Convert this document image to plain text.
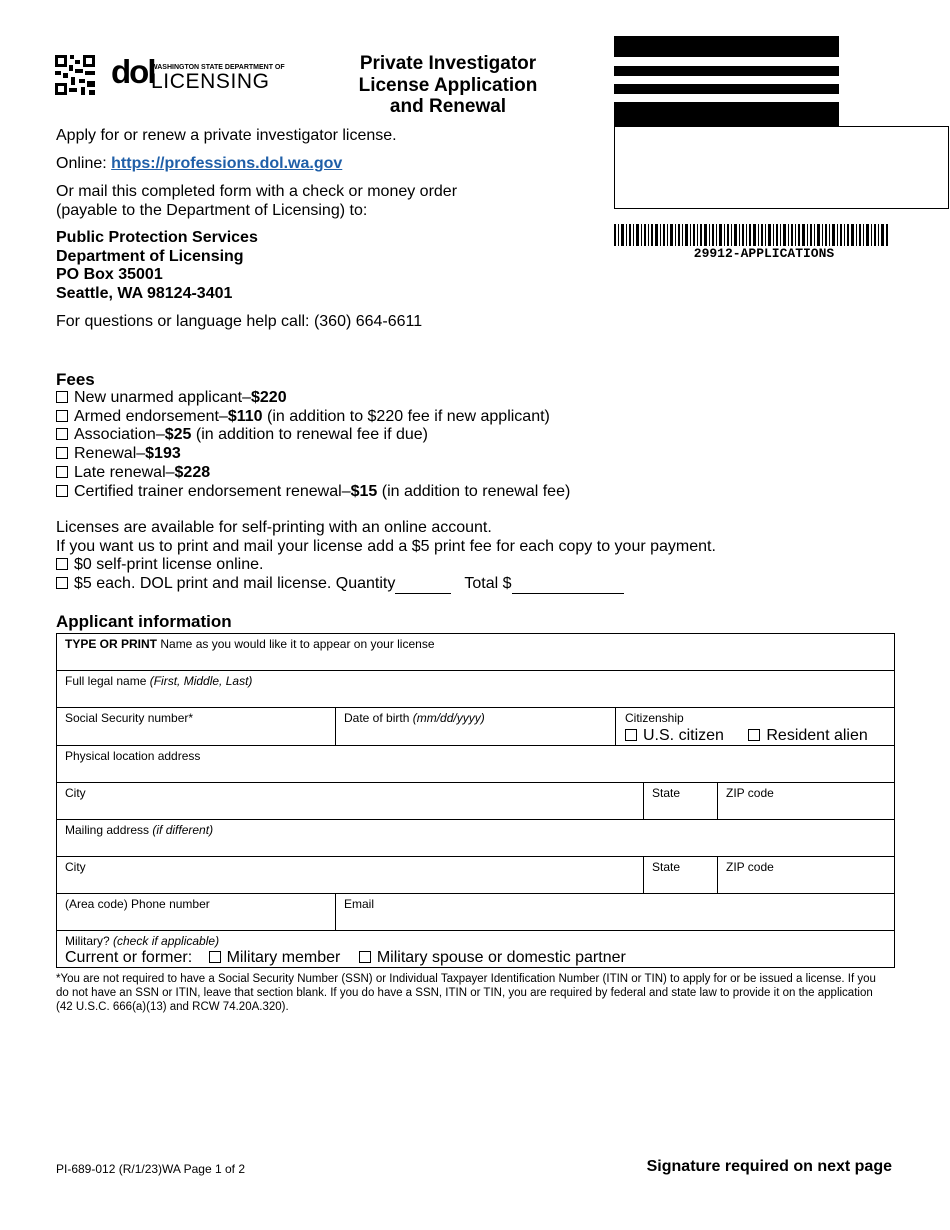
dol
WASHINGTON STATE DEPARTMENT OF
LICENSING
Private Investigator
License Application
and Renewal
29912-APPLICATIONS
Apply for or renew a private investigator license.
Online: https://professions.dol.wa.gov
Or mail this completed form with a check or money order
(payable to the Department of Licensing) to:
Public Protection Services
Department of Licensing
PO Box 35001
Seattle, WA 98124-3401
For questions or language help call: (360) 664-6611
Fees
New unarmed applicant–$220
Armed endorsement–$110 (in addition to $220 fee if new applicant)
Association–$25 (in addition to renewal fee if due)
Renewal–$193
Late renewal–$228
Certified trainer endorsement renewal–$15 (in addition to renewal fee)
Licenses are available for self-printing with an online account.
If you want us to print and mail your license add a $5 print fee for each copy to your payment.
$0 self-print license online.
$5 each. DOL print and mail license. Quantity	Total $
Applicant information
TYPE OR PRINT Name as you would like it to appear on your license				
Full legal name (First, Middle, Last)				
Social Security number*	Date of birth (mm/dd/yyyy)	Citizenship
U.S. citizen Resident alien		

Physical location address				
City			State	ZIP code
Mailing address (if different)				
City			State	ZIP code
(Area code) Phone number	Email			

Military? (check if applicable)
Current or former: Military member Military spouse or domestic partner				
*You are not required to have a Social Security Number (SSN) or Individual Taxpayer Identification Number (ITIN or TIN) to apply for or be issued a license. If you do not have an SSN or ITIN, leave that section blank. If you do have a SSN, ITIN or TIN, you are required by federal and state law to provide it on the application (42 U.S.C. 666(a)(13) and RCW 74.20A.320).
PI-689-012 (R/1/23)WA Page 1 of 2	Signature required on next page
